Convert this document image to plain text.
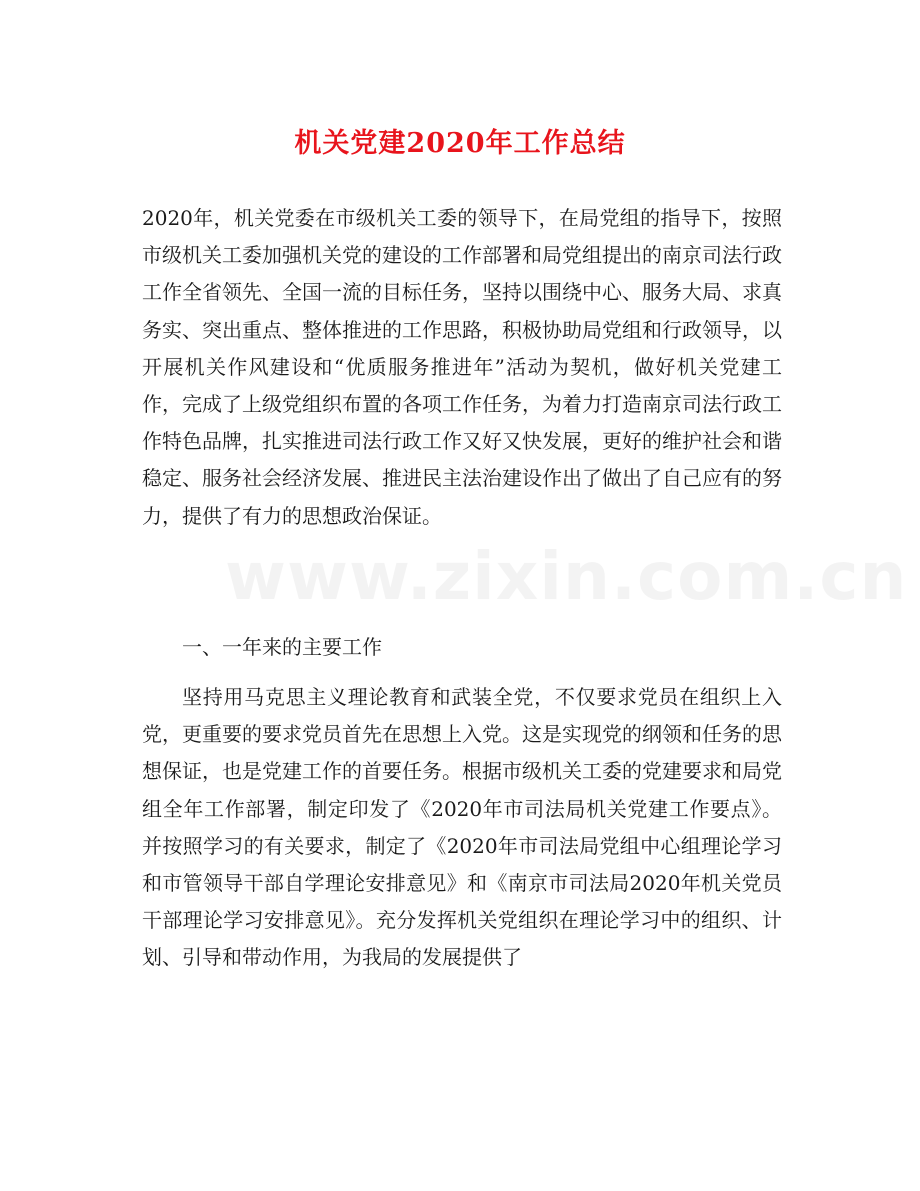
机关党建2020年工作总结

2020年，机关党委在市级机关工委的领导下，在局党组的指导下，按照市级机关工委加强机关党的建设的工作部署和局党组提出的南京司法行政工作全省领先、全国一流的目标任务，坚持以围绕中心、服务大局、求真务实、突出重点、整体推进的工作思路，积极协助局党组和行政领导，以开展机关作风建设和“优质服务推进年”活动为契机，做好机关党建工作，完成了上级党组织布置的各项工作任务，为着力打造南京司法行政工作特色品牌，扎实推进司法行政工作又好又快发展，更好的维护社会和谐稳定、服务社会经济发展、推进民主法治建设作出了做出了自己应有的努力，提供了有力的思想政治保证。

一、一年来的主要工作

坚持用马克思主义理论教育和武装全党，不仅要求党员在组织上入党，更重要的要求党员首先在思想上入党。这是实现党的纲领和任务的思想保证，也是党建工作的首要任务。根据市级机关工委的党建要求和局党组全年工作部署，制定印发了《2020年市司法局机关党建工作要点》。并按照学习的有关要求，制定了《2020年市司法局党组中心组理论学习和市管领导干部自学理论安排意见》和《南京市司法局2020年机关党员干部理论学习安排意见》。充分发挥机关党组织在理论学习中的组织、计划、引导和带动作用，为我局的发展提供了
